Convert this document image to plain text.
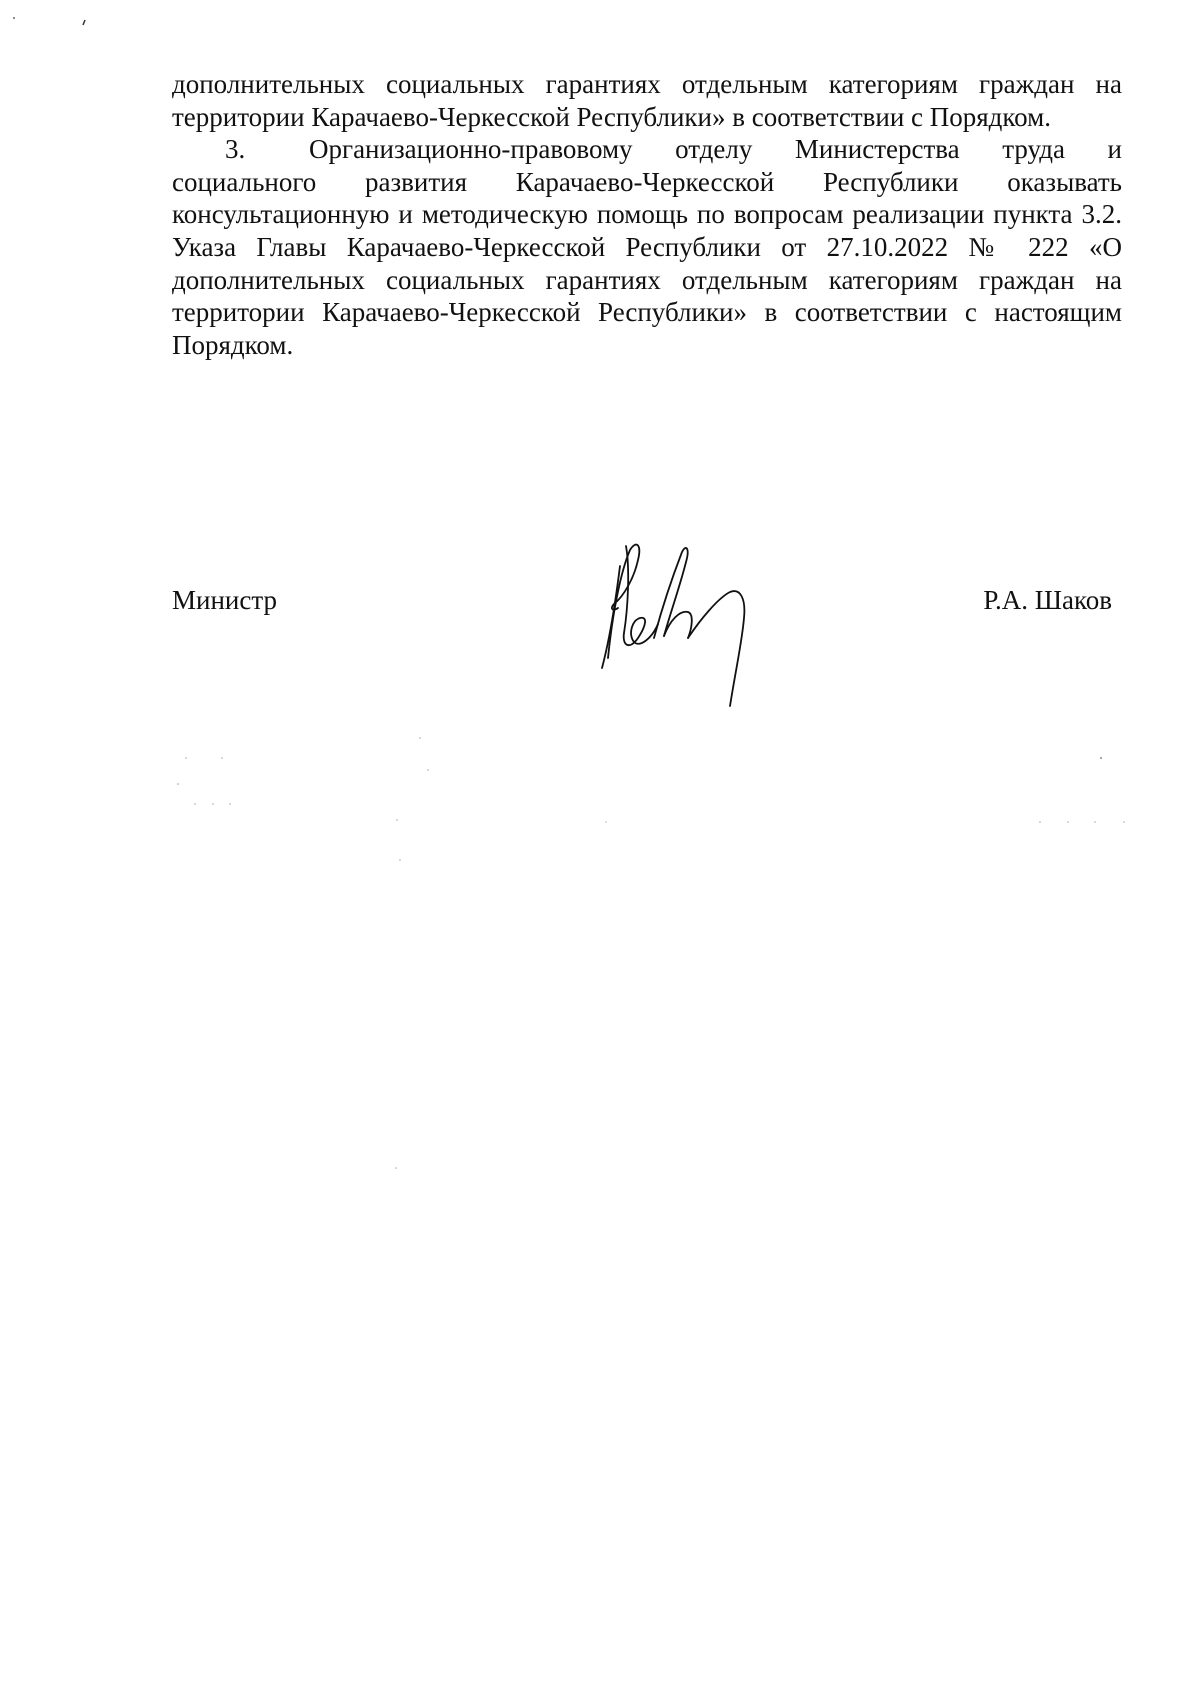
дополнительных социальных гарантиях отдельным категориям граждан на территории Карачаево-Черкесской Республики» в соответствии с Порядком.

3. Организационно-правовому отделу Министерства труда и социального развития Карачаево-Черкесской Республики оказывать консультационную и методическую помощь по вопросам реализации пункта 3.2. Указа Главы Карачаево-Черкесской Республики от 27.10.2022 № 222 «О дополнительных социальных гарантиях отдельным категориям граждан на территории Карачаево-Черкесской Республики» в соответствии с настоящим Порядком.

Министр	Р.А. Шаков
